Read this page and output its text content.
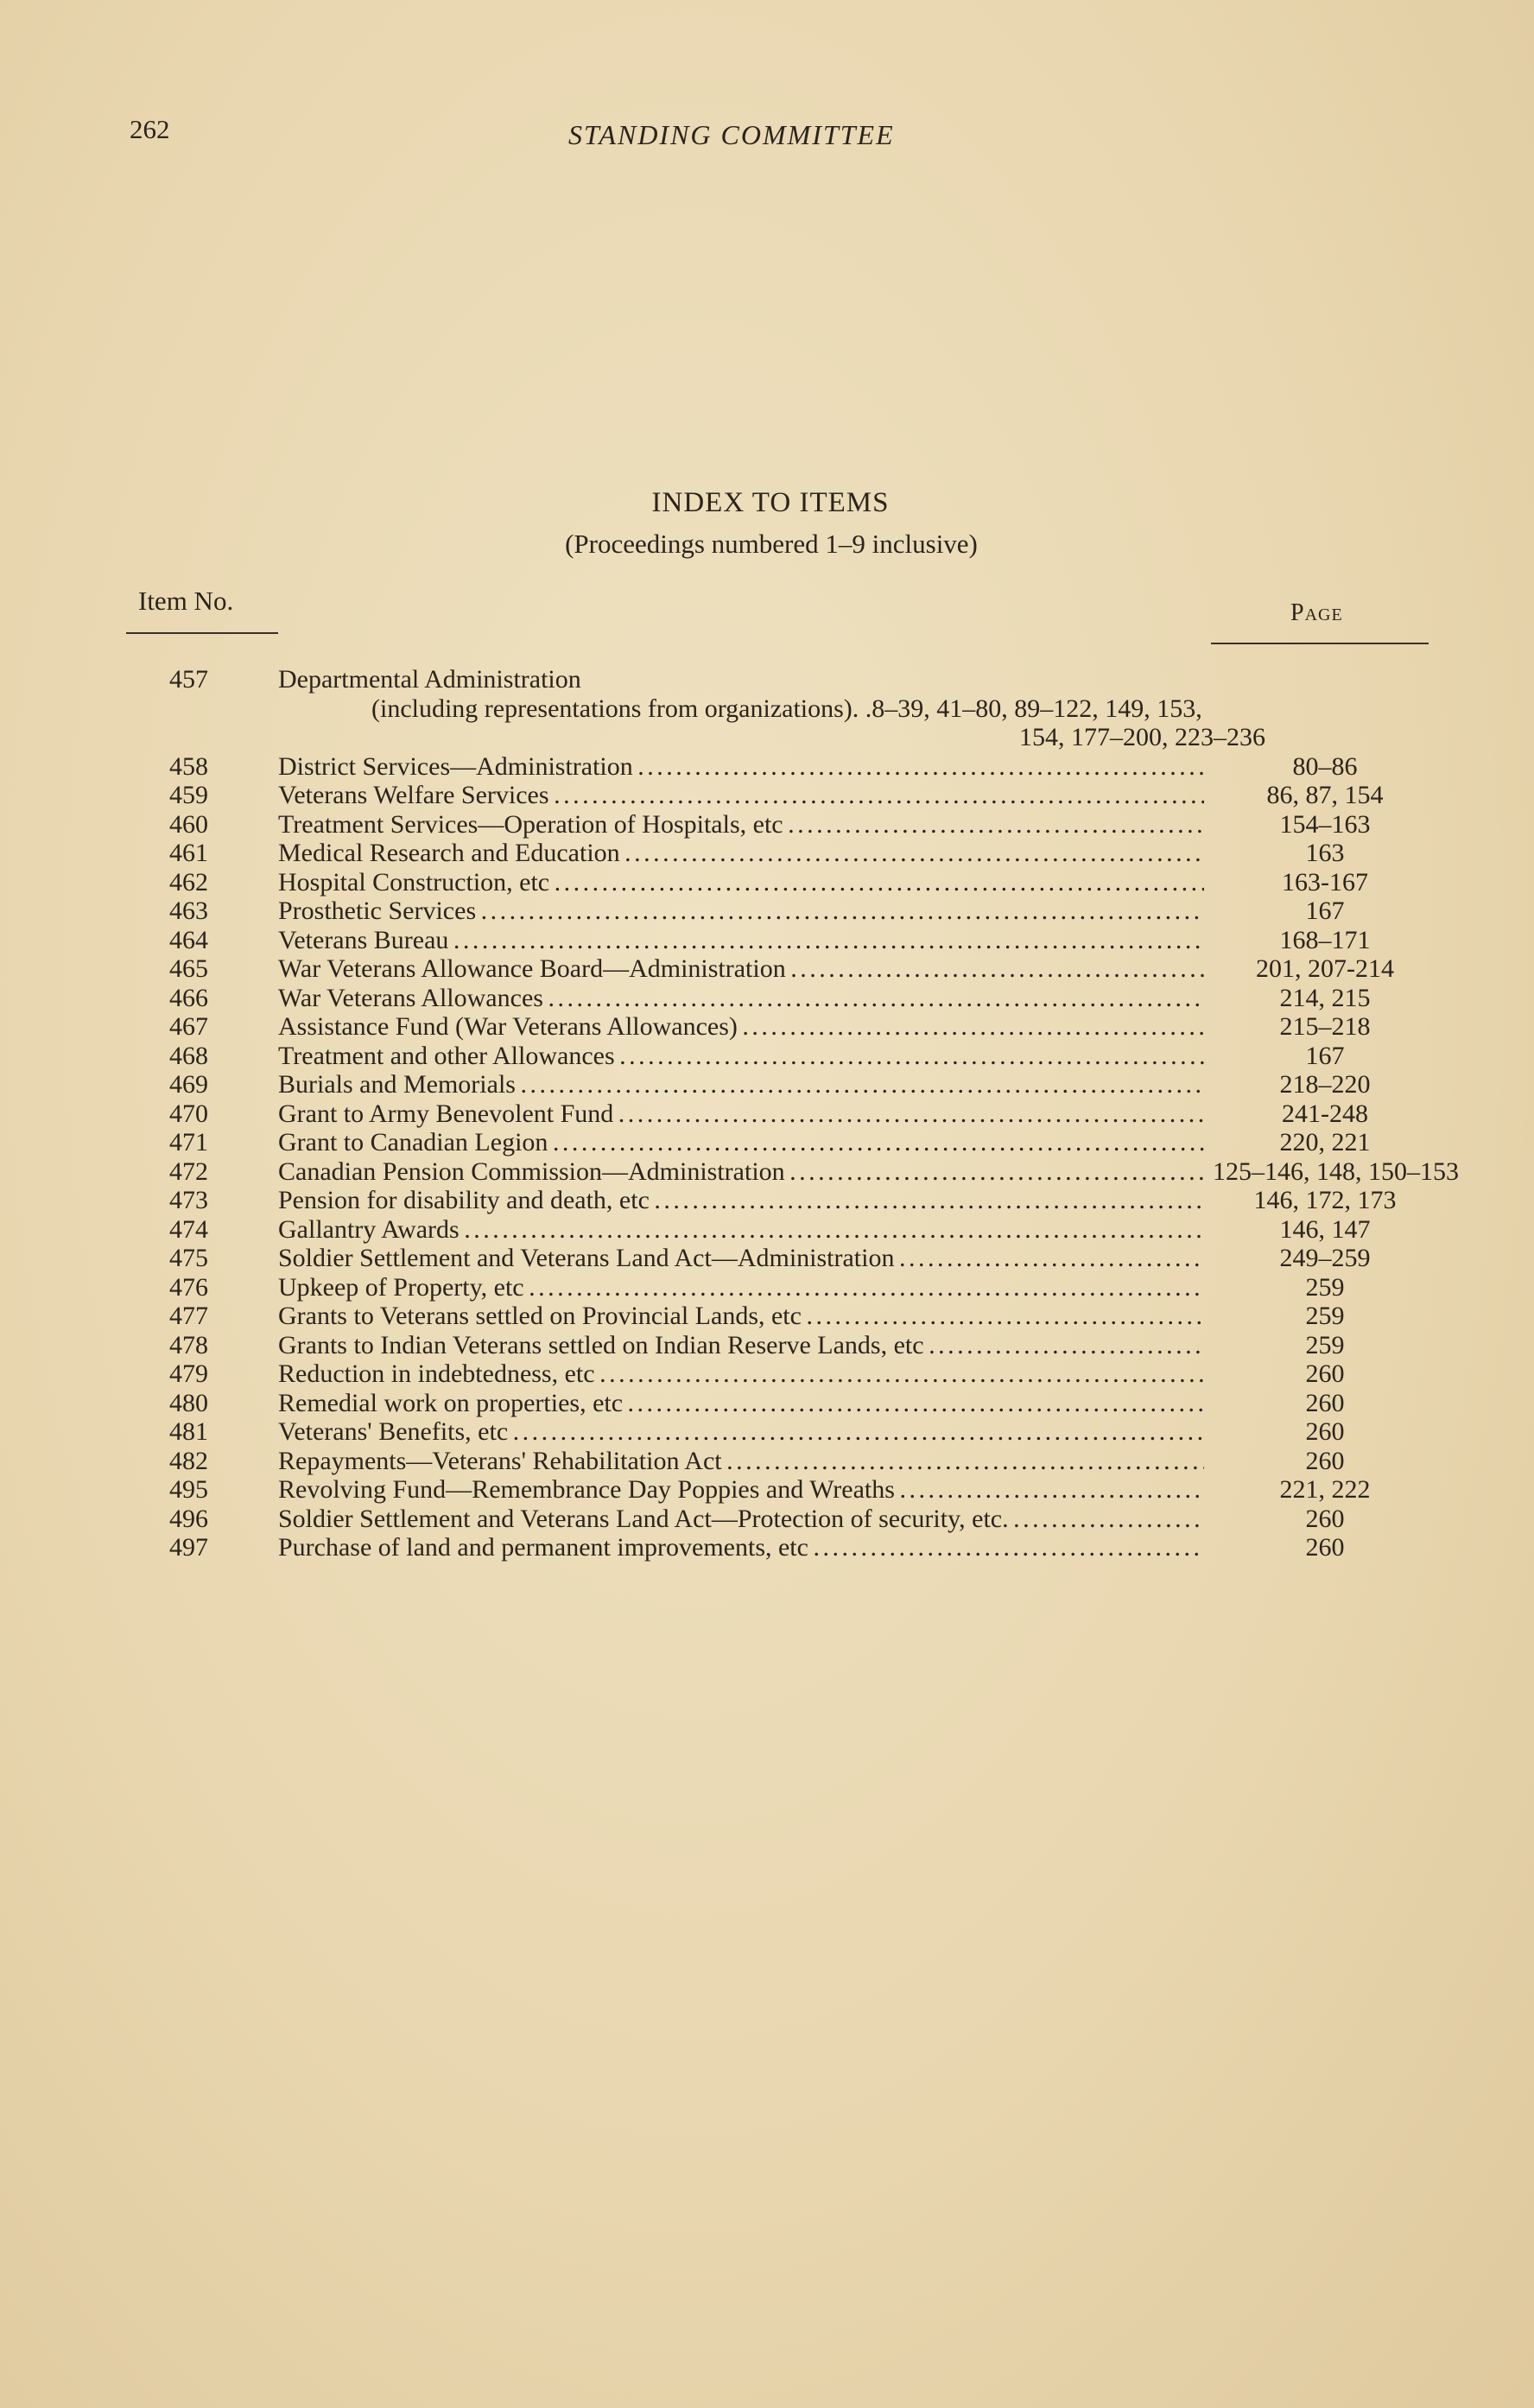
262	STANDING COMMITTEE
INDEX TO ITEMS
(Proceedings numbered 1–9 inclusive)
Item No.	Page
457	Departmental Administration
(including representations from organizations). .8–39, 41–80, 89–122, 149, 153,
154, 177–200, 223–236
458	District Services—Administration . . .	80–86
459	Veterans Welfare Services . . .	86, 87, 154
460	Treatment Services—Operation of Hospitals, etc . . .	154–163
461	Medical Research and Education . . .	163
462	Hospital Construction, etc . . .	163-167
463	Prosthetic Services . . .	167
464	Veterans Bureau . . .	168–171
465	War Veterans Allowance Board—Administration . . .	201, 207-214
466	War Veterans Allowances . . .	214, 215
467	Assistance Fund (War Veterans Allowances) . . .	215–218
468	Treatment and other Allowances . . .	167
469	Burials and Memorials . . .	218–220
470	Grant to Army Benevolent Fund . . .	241-248
471	Grant to Canadian Legion . . .	220, 221
472	Canadian Pension Commission—Administration . . .	125–146, 148, 150–153
473	Pension for disability and death, etc . . .	146, 172, 173
474	Gallantry Awards . . .	146, 147
475	Soldier Settlement and Veterans Land Act—Administration . . .	249–259
476	Upkeep of Property, etc . . .	259
477	Grants to Veterans settled on Provincial Lands, etc . . .	259
478	Grants to Indian Veterans settled on Indian Reserve Lands, etc . . .	259
479	Reduction in indebtedness, etc . . .	260
480	Remedial work on properties, etc . . .	260
481	Veterans' Benefits, etc . . .	260
482	Repayments—Veterans' Rehabilitation Act . . .	260
495	Revolving Fund—Remembrance Day Poppies and Wreaths . . .	221, 222
496	Soldier Settlement and Veterans Land Act—Protection of security, etc. . . .	260
497	Purchase of land and permanent improvements, etc . . .	260
